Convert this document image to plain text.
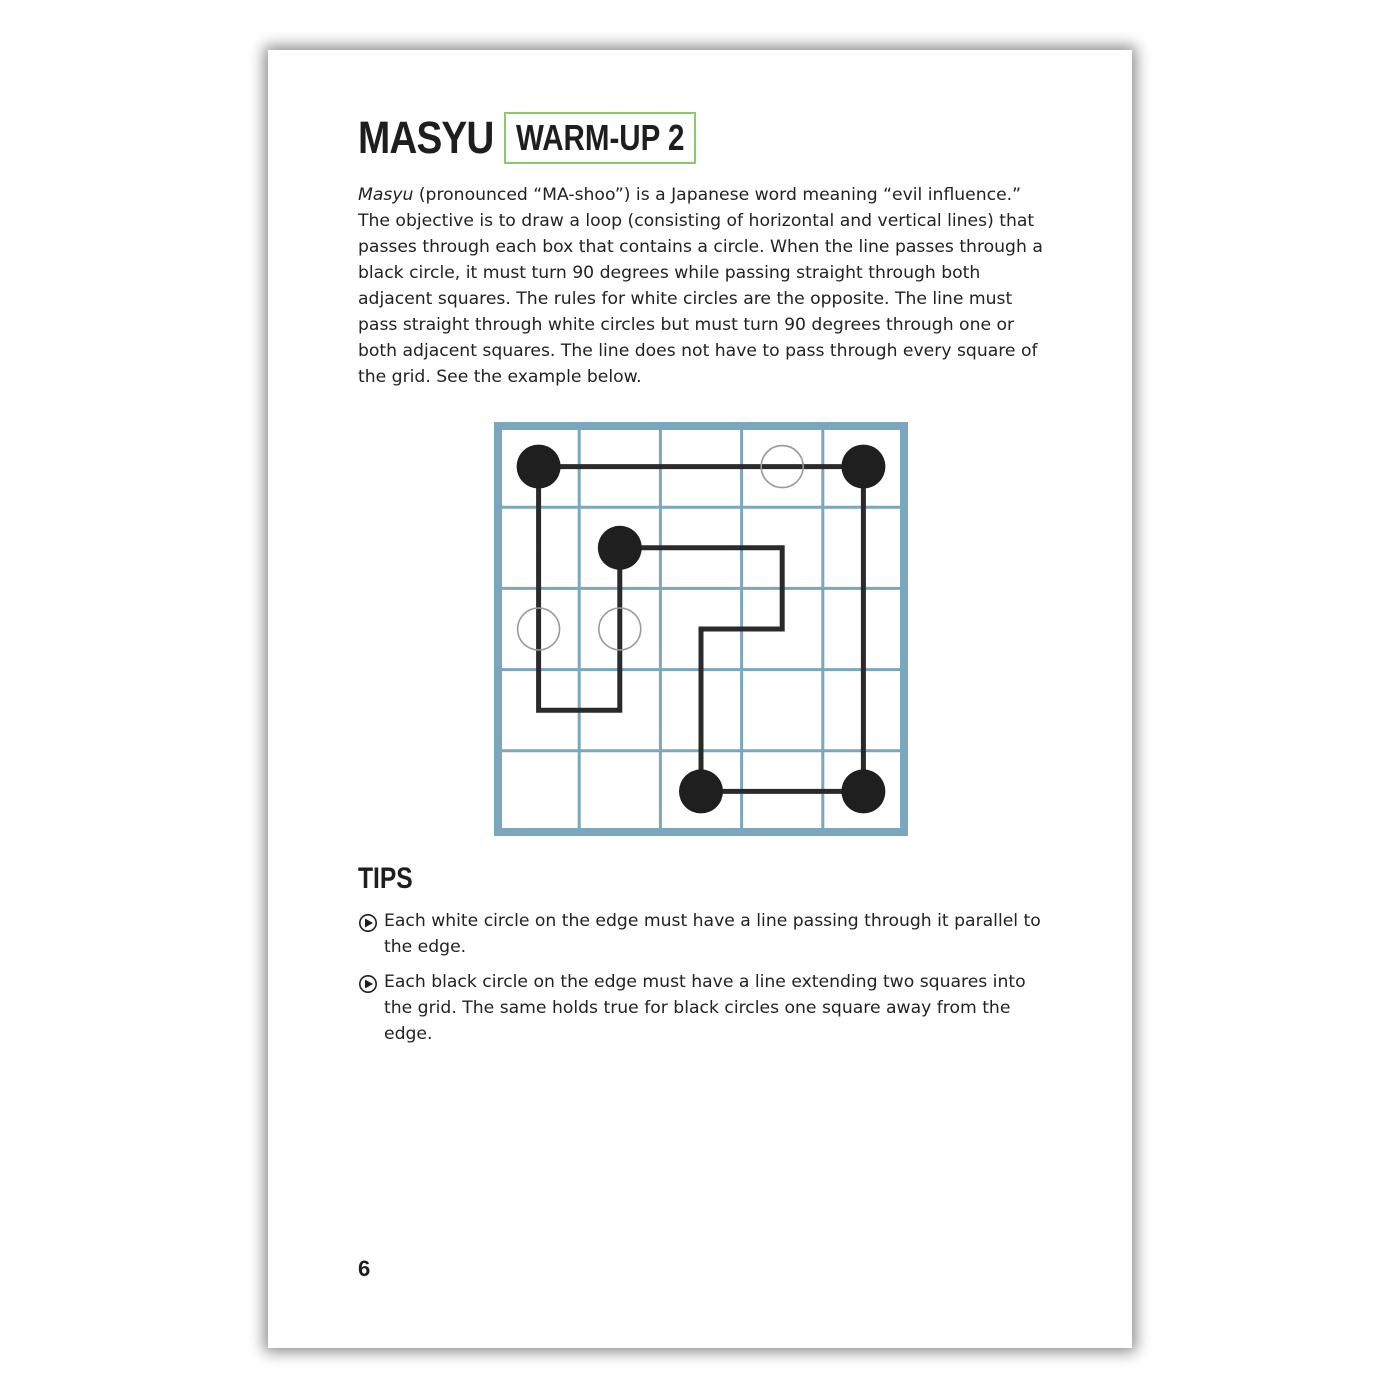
MASYU WARM-UP 2

Masyu (pronounced “MA-shoo”) is a Japanese word meaning “evil influence.” The objective is to draw a loop (consisting of horizontal and vertical lines) that passes through each box that contains a circle. When the line passes through a black circle, it must turn 90 degrees while passing straight through both adjacent squares. The rules for white circles are the opposite. The line must pass straight through white circles but must turn 90 degrees through one or both adjacent squares. The line does not have to pass through every square of the grid. See the example below.

TIPS
Each white circle on the edge must have a line passing through it parallel to the edge.
Each black circle on the edge must have a line extending two squares into the grid. The same holds true for black circles one square away from the edge.
6
